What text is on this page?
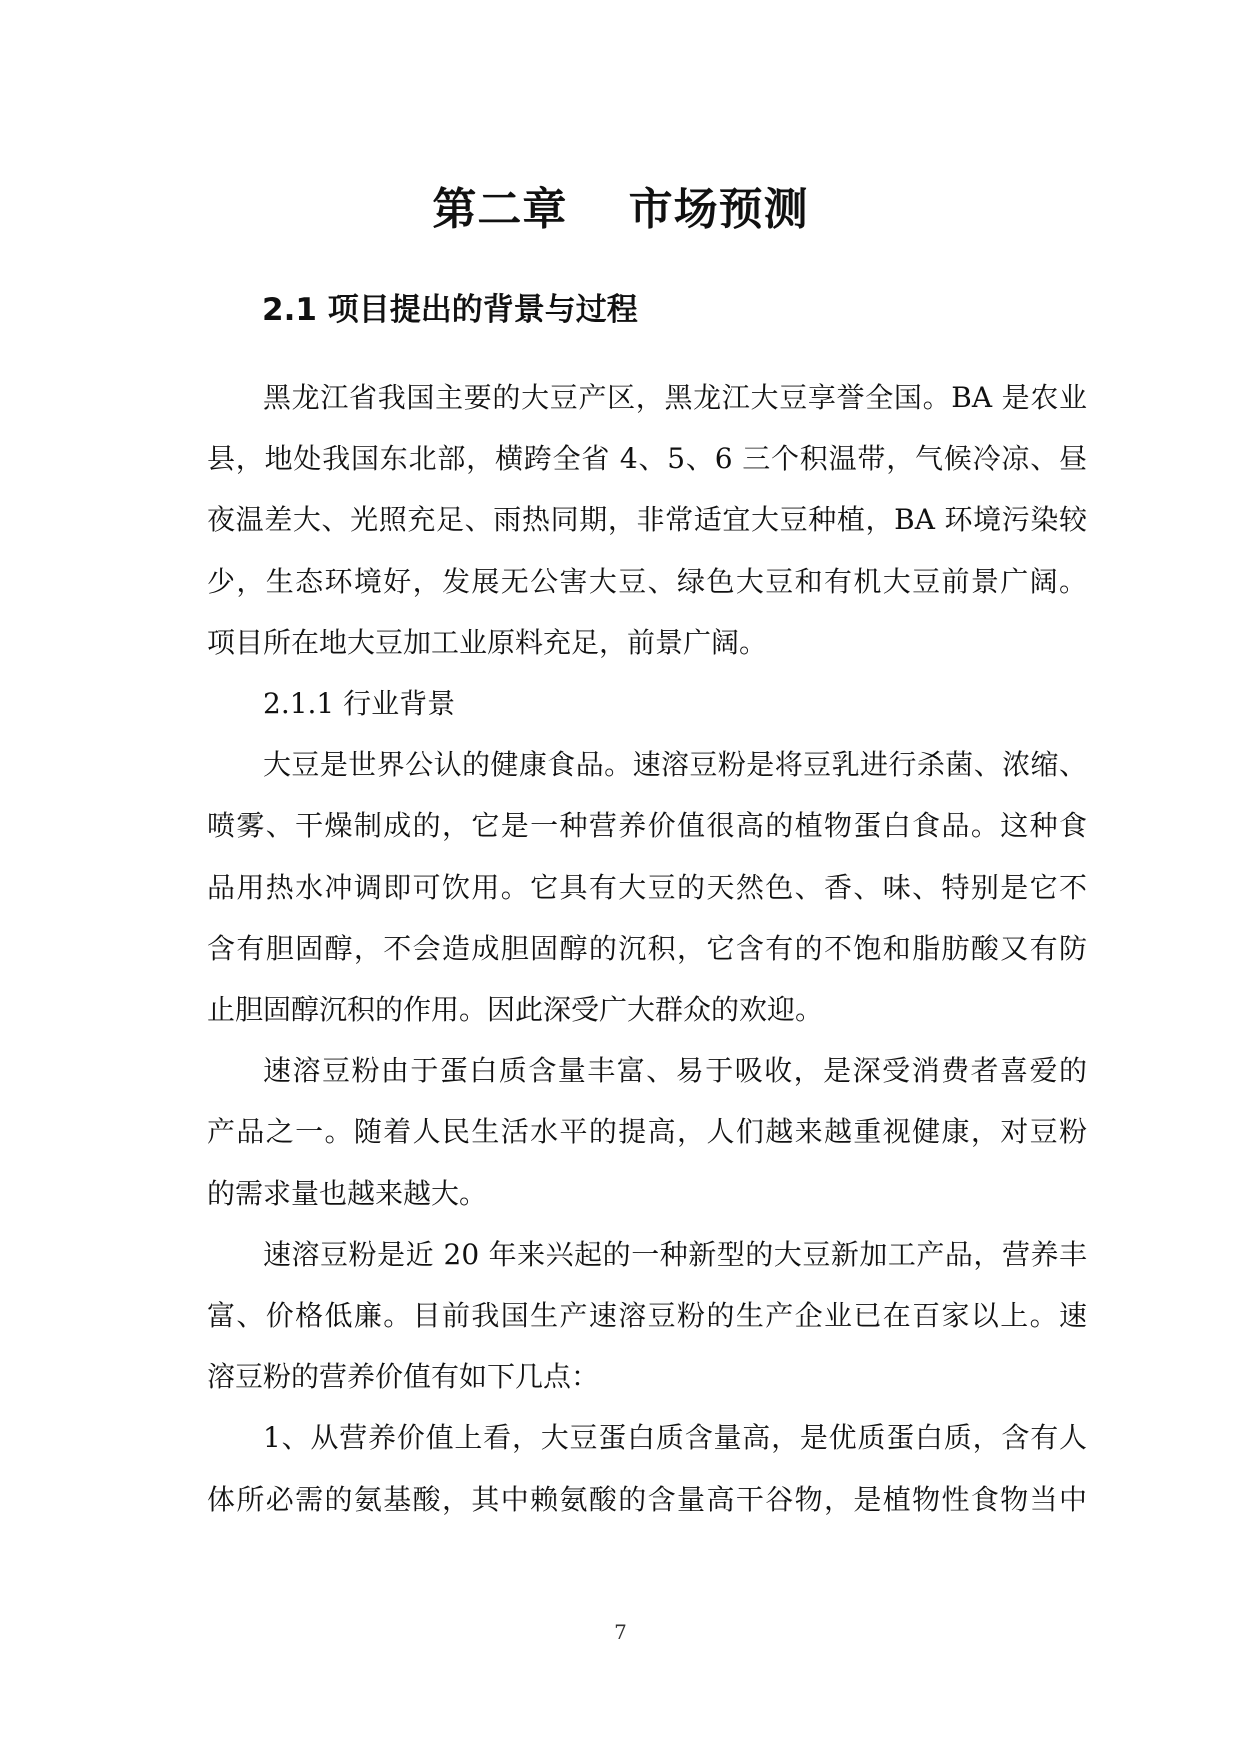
第二章　 市场预测
2.1 项目提出的背景与过程

黑龙江省我国主要的大豆产区，黑龙江大豆享誉全国。BA 是农业
县，地处我国东北部，横跨全省 4、5、6 三个积温带，气候冷凉、昼
夜温差大、光照充足、雨热同期，非常适宜大豆种植，BA 环境污染较
少，生态环境好，发展无公害大豆、绿色大豆和有机大豆前景广阔。
项目所在地大豆加工业原料充足，前景广阔。

2.1.1 行业背景

大豆是世界公认的健康食品。速溶豆粉是将豆乳进行杀菌、浓缩、
喷雾、干燥制成的，它是一种营养价值很高的植物蛋白食品。这种食
品用热水冲调即可饮用。它具有大豆的天然色、香、味、特别是它不
含有胆固醇，不会造成胆固醇的沉积，它含有的不饱和脂肪酸又有防
止胆固醇沉积的作用。因此深受广大群众的欢迎。

速溶豆粉由于蛋白质含量丰富、易于吸收，是深受消费者喜爱的
产品之一。随着人民生活水平的提高，人们越来越重视健康，对豆粉
的需求量也越来越大。

速溶豆粉是近 20 年来兴起的一种新型的大豆新加工产品，营养丰
富、价格低廉。目前我国生产速溶豆粉的生产企业已在百家以上。速
溶豆粉的营养价值有如下几点：

1、从营养价值上看，大豆蛋白质含量高，是优质蛋白质，含有人
体所必需的氨基酸，其中赖氨酸的含量高干谷物，是植物性食物当中

7
